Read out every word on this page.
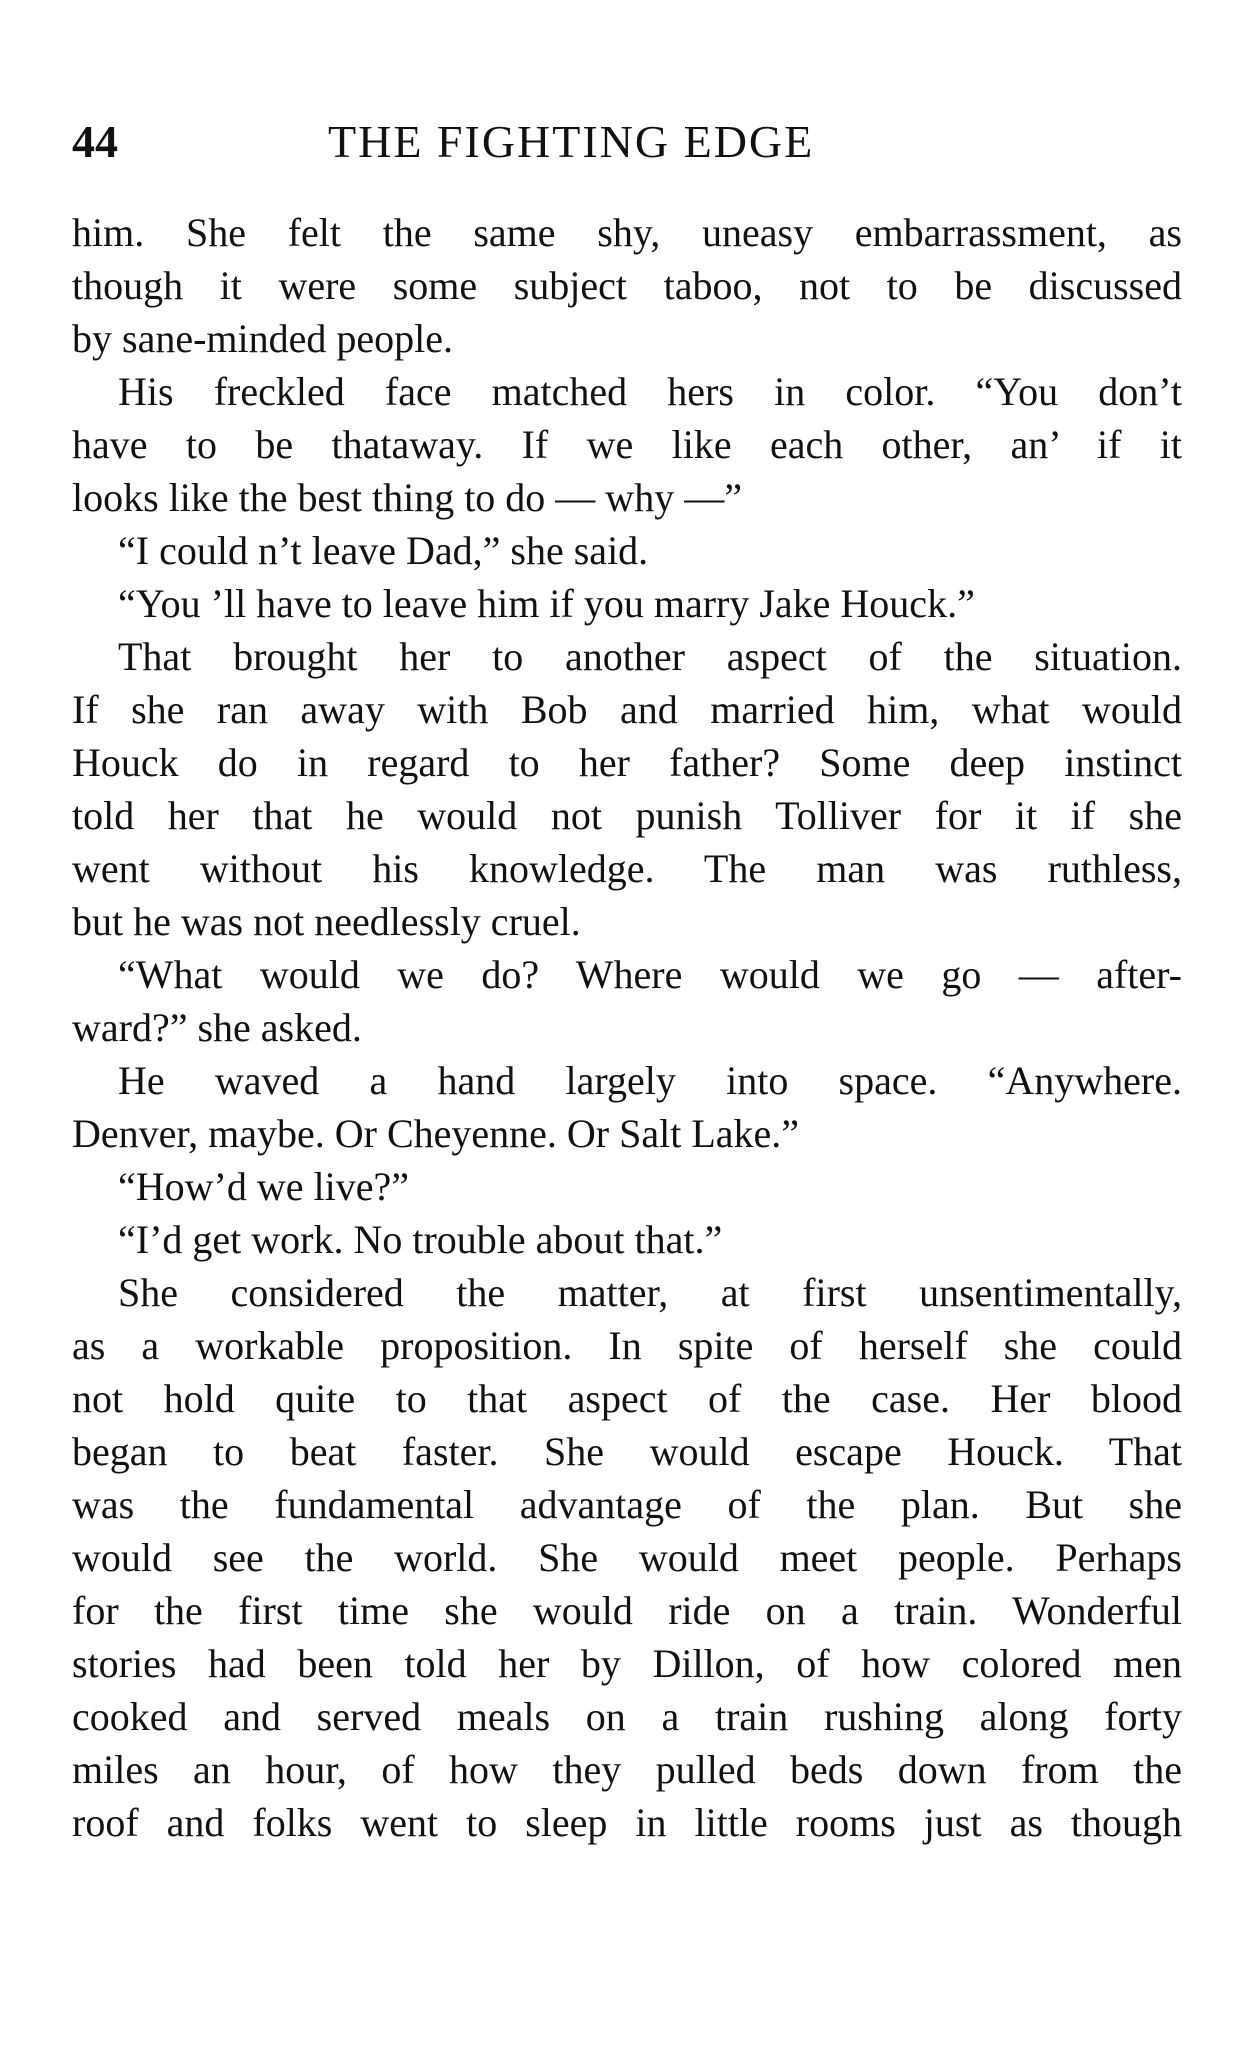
44	THE FIGHTING EDGE
him. She felt the same shy, uneasy embarrassment, as
though it were some subject taboo, not to be discussed
by sane-minded people.
His freckled face matched hers in color. “You don’t
have to be thataway. If we like each other, an’ if it
looks like the best thing to do — why —”
“I could n’t leave Dad,” she said.
“You ’ll have to leave him if you marry Jake Houck.”
That brought her to another aspect of the situation.
If she ran away with Bob and married him, what would
Houck do in regard to her father? Some deep instinct
told her that he would not punish Tolliver for it if she
went without his knowledge. The man was ruthless,
but he was not needlessly cruel.
“What would we do? Where would we go — after-
ward?” she asked.
He waved a hand largely into space. “Anywhere.
Denver, maybe. Or Cheyenne. Or Salt Lake.”
“How’d we live?”
“I’d get work. No trouble about that.”
She considered the matter, at first unsentimentally,
as a workable proposition. In spite of herself she could
not hold quite to that aspect of the case. Her blood
began to beat faster. She would escape Houck. That
was the fundamental advantage of the plan. But she
would see the world. She would meet people. Perhaps
for the first time she would ride on a train. Wonderful
stories had been told her by Dillon, of how colored men
cooked and served meals on a train rushing along forty
miles an hour, of how they pulled beds down from the
roof and folks went to sleep in little rooms just as though
